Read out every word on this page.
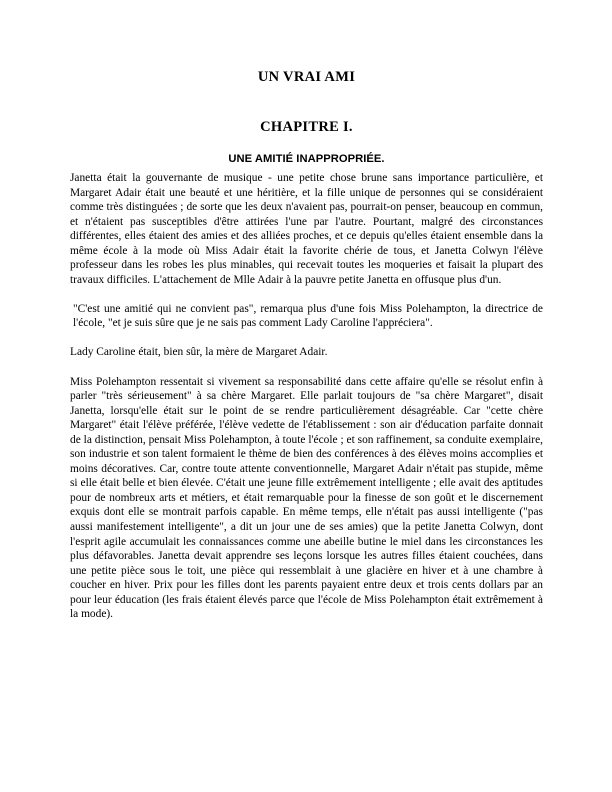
UN VRAI AMI
CHAPITRE I.
UNE AMITIÉ INAPPROPRIÉE.

Janetta était la gouvernante de musique - une petite chose brune sans importance particulière, et Margaret Adair était une beauté et une héritière, et la fille unique de personnes qui se considéraient comme très distinguées ; de sorte que les deux n'avaient pas, pourrait-on penser, beaucoup en commun, et n'étaient pas susceptibles d'être attirées l'une par l'autre. Pourtant, malgré des circonstances différentes, elles étaient des amies et des alliées proches, et ce depuis qu'elles étaient ensemble dans la même école à la mode où Miss Adair était la favorite chérie de tous, et Janetta Colwyn l'élève professeur dans les robes les plus minables, qui recevait toutes les moqueries et faisait la plupart des travaux difficiles. L'attachement de Mlle Adair à la pauvre petite Janetta en offusque plus d'un.

"C'est une amitié qui ne convient pas", remarqua plus d'une fois Miss Polehampton, la directrice de l'école, "et je suis sûre que je ne sais pas comment Lady Caroline l'appréciera".

Lady Caroline était, bien sûr, la mère de Margaret Adair.

Miss Polehampton ressentait si vivement sa responsabilité dans cette affaire qu'elle se résolut enfin à parler "très sérieusement" à sa chère Margaret. Elle parlait toujours de "sa chère Margaret", disait Janetta, lorsqu'elle était sur le point de se rendre particulièrement désagréable. Car "cette chère Margaret" était l'élève préférée, l'élève vedette de l'établissement : son air d'éducation parfaite donnait de la distinction, pensait Miss Polehampton, à toute l'école ; et son raffinement, sa conduite exemplaire, son industrie et son talent formaient le thème de bien des conférences à des élèves moins accomplies et moins décoratives. Car, contre toute attente conventionnelle, Margaret Adair n'était pas stupide, même si elle était belle et bien élevée. C'était une jeune fille extrêmement intelligente ; elle avait des aptitudes pour de nombreux arts et métiers, et était remarquable pour la finesse de son goût et le discernement exquis dont elle se montrait parfois capable. En même temps, elle n'était pas aussi intelligente ("pas aussi manifestement intelligente", a dit un jour une de ses amies) que la petite Janetta Colwyn, dont l'esprit agile accumulait les connaissances comme une abeille butine le miel dans les circonstances les plus défavorables. Janetta devait apprendre ses leçons lorsque les autres filles étaient couchées, dans une petite pièce sous le toit, une pièce qui ressemblait à une glacière en hiver et à une chambre à coucher en hiver. Prix pour les filles dont les parents payaient entre deux et trois cents dollars par an pour leur éducation (les frais étaient élevés parce que l'école de Miss Polehampton était extrêmement à la mode).
